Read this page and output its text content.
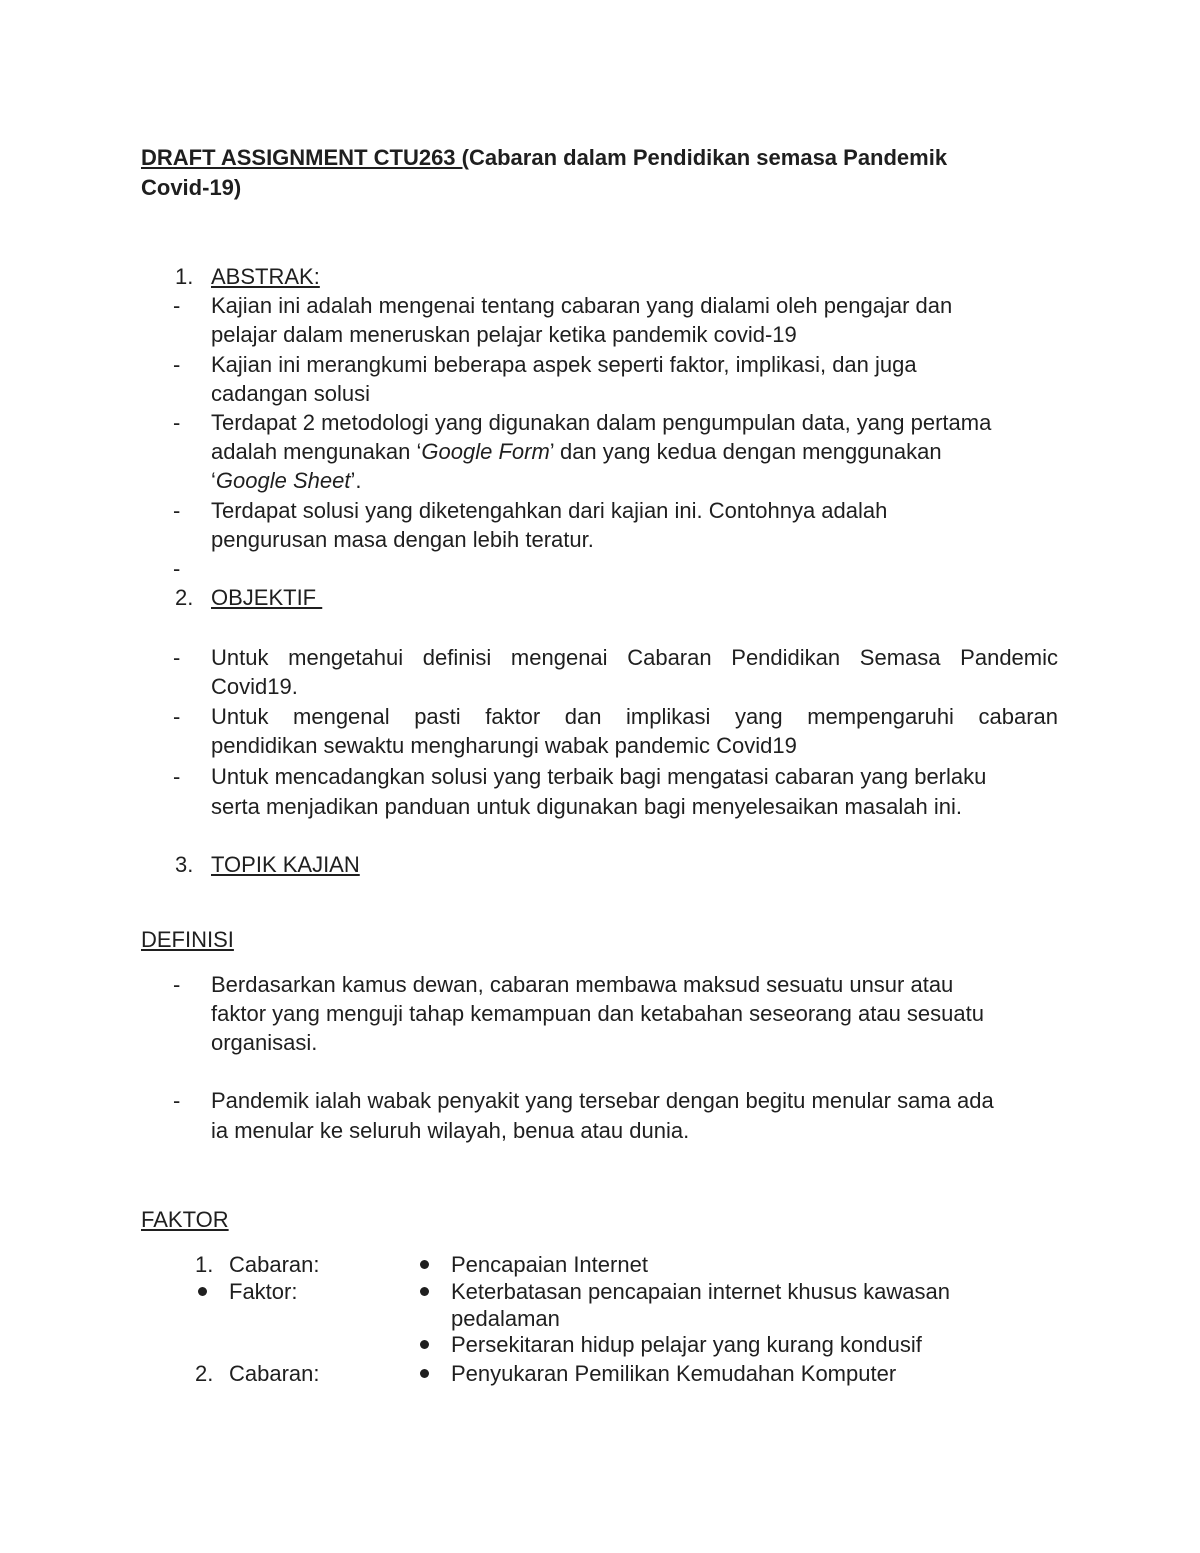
DRAFT ASSIGNMENT CTU263 (Cabaran dalam Pendidikan semasa Pandemik
Covid-19)
1. ABSTRAK:
- Kajian ini adalah mengenai tentang cabaran yang dialami oleh pengajar dan
pelajar dalam meneruskan pelajar ketika pandemik covid-19
- Kajian ini merangkumi beberapa aspek seperti faktor, implikasi, dan juga
cadangan solusi
- Terdapat 2 metodologi yang digunakan dalam pengumpulan data, yang pertama
adalah mengunakan ‘Google Form’ dan yang kedua dengan menggunakan
‘Google Sheet’.
- Terdapat solusi yang diketengahkan dari kajian ini. Contohnya adalah
pengurusan masa dengan lebih teratur.
-
2. OBJEKTIF
- Untuk mengetahui definisi mengenai Cabaran Pendidikan Semasa Pandemic
Covid19.
- Untuk mengenal pasti faktor dan implikasi yang mempengaruhi cabaran
pendidikan sewaktu mengharungi wabak pandemic Covid19
- Untuk mencadangkan solusi yang terbaik bagi mengatasi cabaran yang berlaku
serta menjadikan panduan untuk digunakan bagi menyelesaikan masalah ini.
3. TOPIK KAJIAN
DEFINISI
- Berdasarkan kamus dewan, cabaran membawa maksud sesuatu unsur atau
faktor yang menguji tahap kemampuan dan ketabahan seseorang atau sesuatu
organisasi.
- Pandemik ialah wabak penyakit yang tersebar dengan begitu menular sama ada
ia menular ke seluruh wilayah, benua atau dunia.
FAKTOR
1. Cabaran:	Pencapaian Internet
Faktor:	Keterbatasan pencapaian internet khusus kawasan
pedalaman
Persekitaran hidup pelajar yang kurang kondusif
2. Cabaran:	Penyukaran Pemilikan Kemudahan Komputer
